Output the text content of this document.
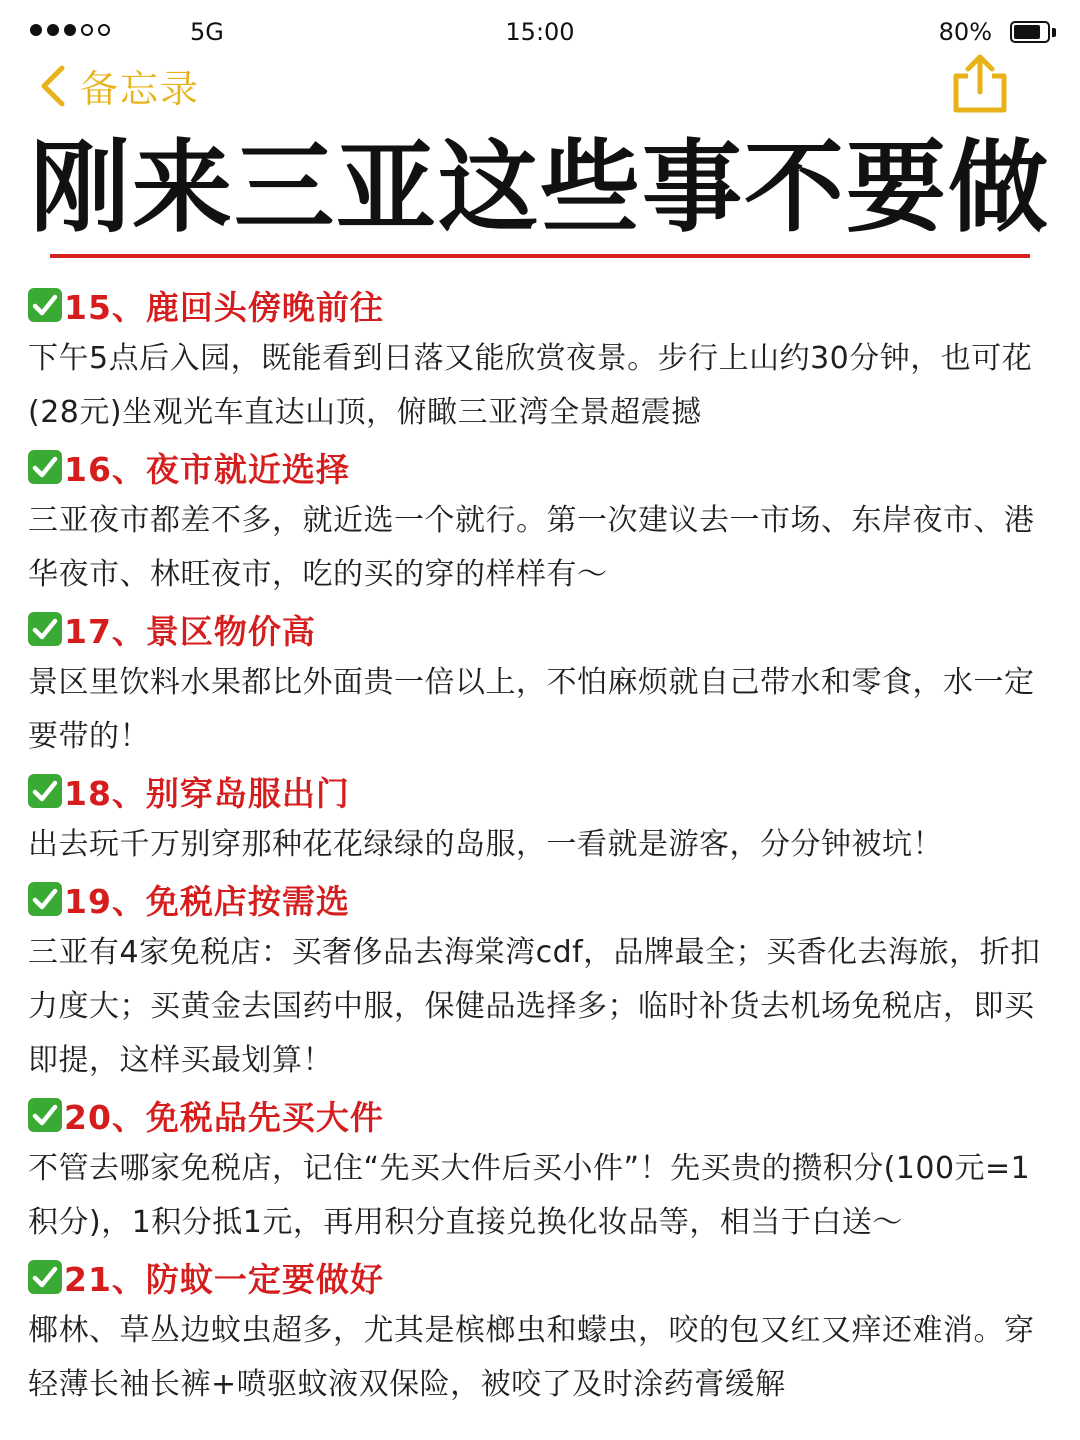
5G	15:00	80%
备忘录
刚来三亚这些事不要做
15、鹿回头傍晚前往

下午5点后入园，既能看到日落又能欣赏夜景。步行上山约30分钟，也可花(28元)坐观光车直达山顶，俯瞰三亚湾全景超震撼

16、夜市就近选择

三亚夜市都差不多，就近选一个就行。第一次建议去一市场、东岸夜市、港华夜市、林旺夜市，吃的买的穿的样样有～

17、景区物价高

景区里饮料水果都比外面贵一倍以上，不怕麻烦就自己带水和零食，水一定要带的！

18、别穿岛服出门

出去玩千万别穿那种花花绿绿的岛服，一看就是游客，分分钟被坑！

19、免税店按需选

三亚有4家免税店：买奢侈品去海棠湾cdf，品牌最全；买香化去海旅，折扣力度大；买黄金去国药中服，保健品选择多；临时补货去机场免税店，即买即提，这样买最划算！

20、免税品先买大件

不管去哪家免税店，记住“先买大件后买小件”！先买贵的攒积分(100元=1积分)，1积分抵1元，再用积分直接兑换化妆品等，相当于白送～

21、防蚊一定要做好

椰林、草丛边蚊虫超多，尤其是槟榔虫和蠓虫，咬的包又红又痒还难消。穿轻薄长袖长裤+喷驱蚊液双保险，被咬了及时涂药膏缓解
